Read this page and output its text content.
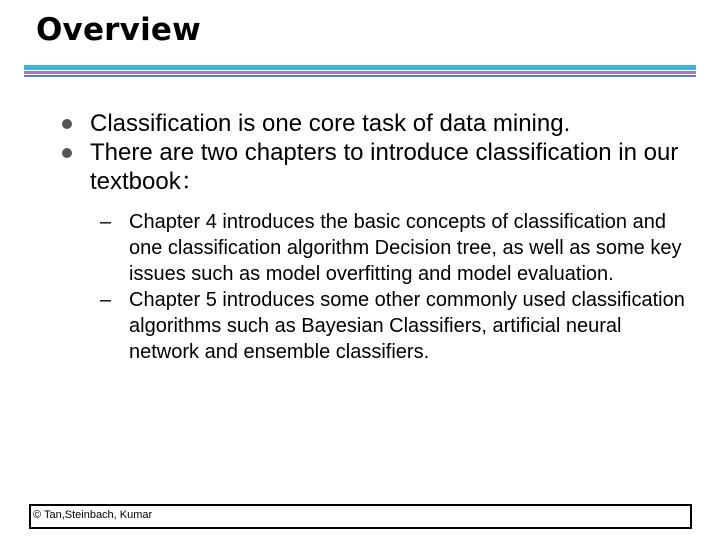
Overview
Classification is one core task of data mining.
There are two chapters to introduce classification in our textbook：
– Chapter 4 introduces the basic concepts of classification and one classification algorithm Decision tree, as well as some key issues such as model overfitting and model evaluation.
– Chapter 5 introduces some other commonly used classification algorithms such as Bayesian Classifiers, artificial neural network and ensemble classifiers.
© Tan,Steinbach, Kumar
